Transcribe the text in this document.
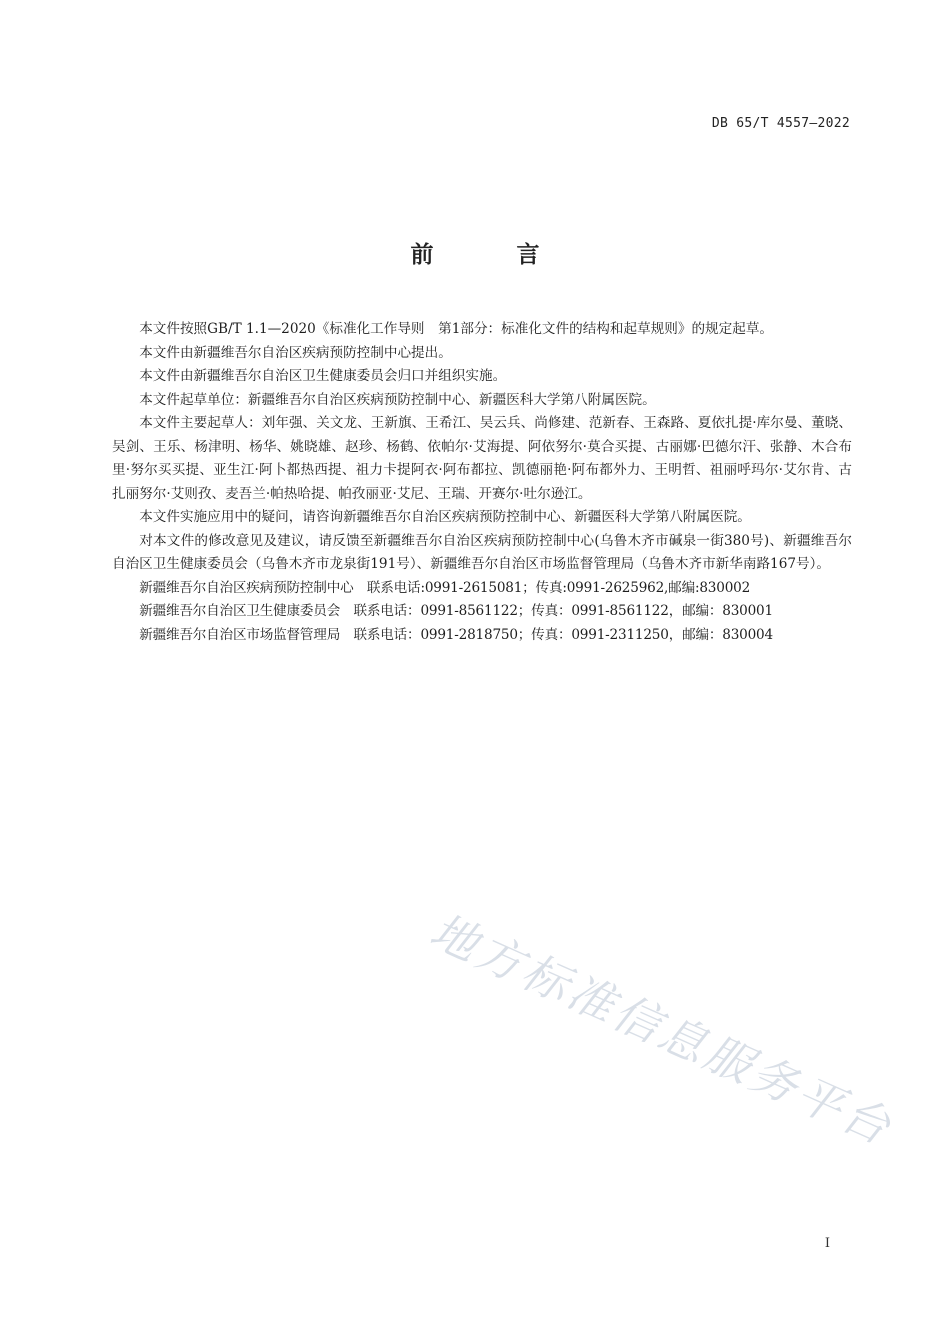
DB 65/T 4557—2022
前　言

本文件按照GB/T 1.1—2020《标准化工作导则　第1部分：标准化文件的结构和起草规则》的规定起草。

本文件由新疆维吾尔自治区疾病预防控制中心提出。

本文件由新疆维吾尔自治区卫生健康委员会归口并组织实施。

本文件起草单位：新疆维吾尔自治区疾病预防控制中心、新疆医科大学第八附属医院。

本文件主要起草人：刘年强、关文龙、王新旗、王希江、吴云兵、尚修建、范新春、王森路、夏依扎提·库尔曼、董晓、吴剑、王乐、杨津明、杨华、姚晓雄、赵珍、杨鹤、依帕尔·艾海提、阿依努尔·莫合买提、古丽娜·巴德尔汗、张静、木合布里·努尔买买提、亚生江·阿卜都热西提、祖力卡提阿衣·阿布都拉、凯德丽艳·阿布都外力、王明哲、祖丽呼玛尔·艾尔肯、古扎丽努尔·艾则孜、麦吾兰·帕热哈提、帕孜丽亚·艾尼、王瑞、开赛尔·吐尔逊江。

本文件实施应用中的疑问，请咨询新疆维吾尔自治区疾病预防控制中心、新疆医科大学第八附属医院。

对本文件的修改意见及建议，请反馈至新疆维吾尔自治区疾病预防控制中心(乌鲁木齐市碱泉一街380号)、新疆维吾尔自治区卫生健康委员会（乌鲁木齐市龙泉街191号）、新疆维吾尔自治区市场监督管理局（乌鲁木齐市新华南路167号）。

新疆维吾尔自治区疾病预防控制中心　联系电话:0991-2615081；传真:0991-2625962,邮编:830002

新疆维吾尔自治区卫生健康委员会　联系电话：0991-8561122；传真：0991-8561122，邮编：830001

新疆维吾尔自治区市场监督管理局　联系电话：0991-2818750；传真：0991-2311250，邮编：830004

地方标准信息服务平台
I
